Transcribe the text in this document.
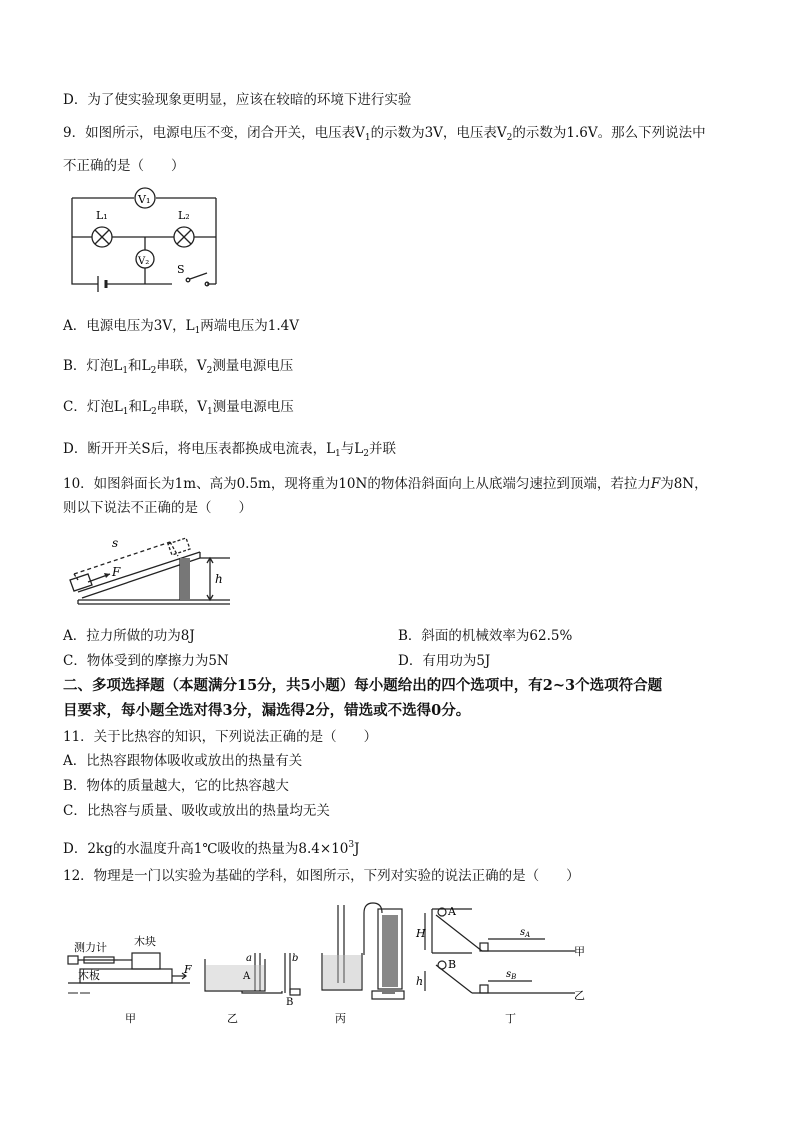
D．为了使实验现象更明显，应该在较暗的环境下进行实验
9．如图所示，电源电压不变，闭合开关，电压表$V_1$的示数为3V，电压表$V_2$的示数为1.6V。那么下列说法中
不正确的是（　　）
V₁
V₂
L₁	L₂
S
A．电源电压为3V，$L_1$两端电压为1.4V
B．灯泡$L_1$和$L_2$串联，$V_2$测量电源电压
C．灯泡$L_1$和$L_2$串联，$V_1$测量电源电压
D．断开开关S后，将电压表都换成电流表，$L_1$与$L_2$并联
10．如图斜面长为1m、高为0.5m，现将重为10N的物体沿斜面向上从底端匀速拉到顶端，若拉力F为8N，
则以下说法不正确的是（　　）
s
F	h
A．拉力所做的功为8J	B．斜面的机械效率为62.5%
C．物体受到的摩擦力为5N	D．有用功为5J
二、多项选择题（本题满分15分，共5小题）每小题给出的四个选项中，有2~3个选项符合题
目要求，每小题全选对得3分，漏选得2分，错选或不选得0分。
11．关于比热容的知识，下列说法正确的是（　　）
A．比热容跟物体吸收或放出的热量有关
B．物体的质量越大，它的比热容越大
C．比热容与质量、吸收或放出的热量均无关
D．2kg的水温度升高1℃吸收的热量为$8.4\times 10^3J$
12．物理是一门以实验为基础的学科，如图所示，下列对实验的说法正确的是（　　）
测力计 木块
木板	F
a	b
A
B
A
B
H
h
$s_A$
$s_B$
甲
乙
甲	乙	丙	丁
